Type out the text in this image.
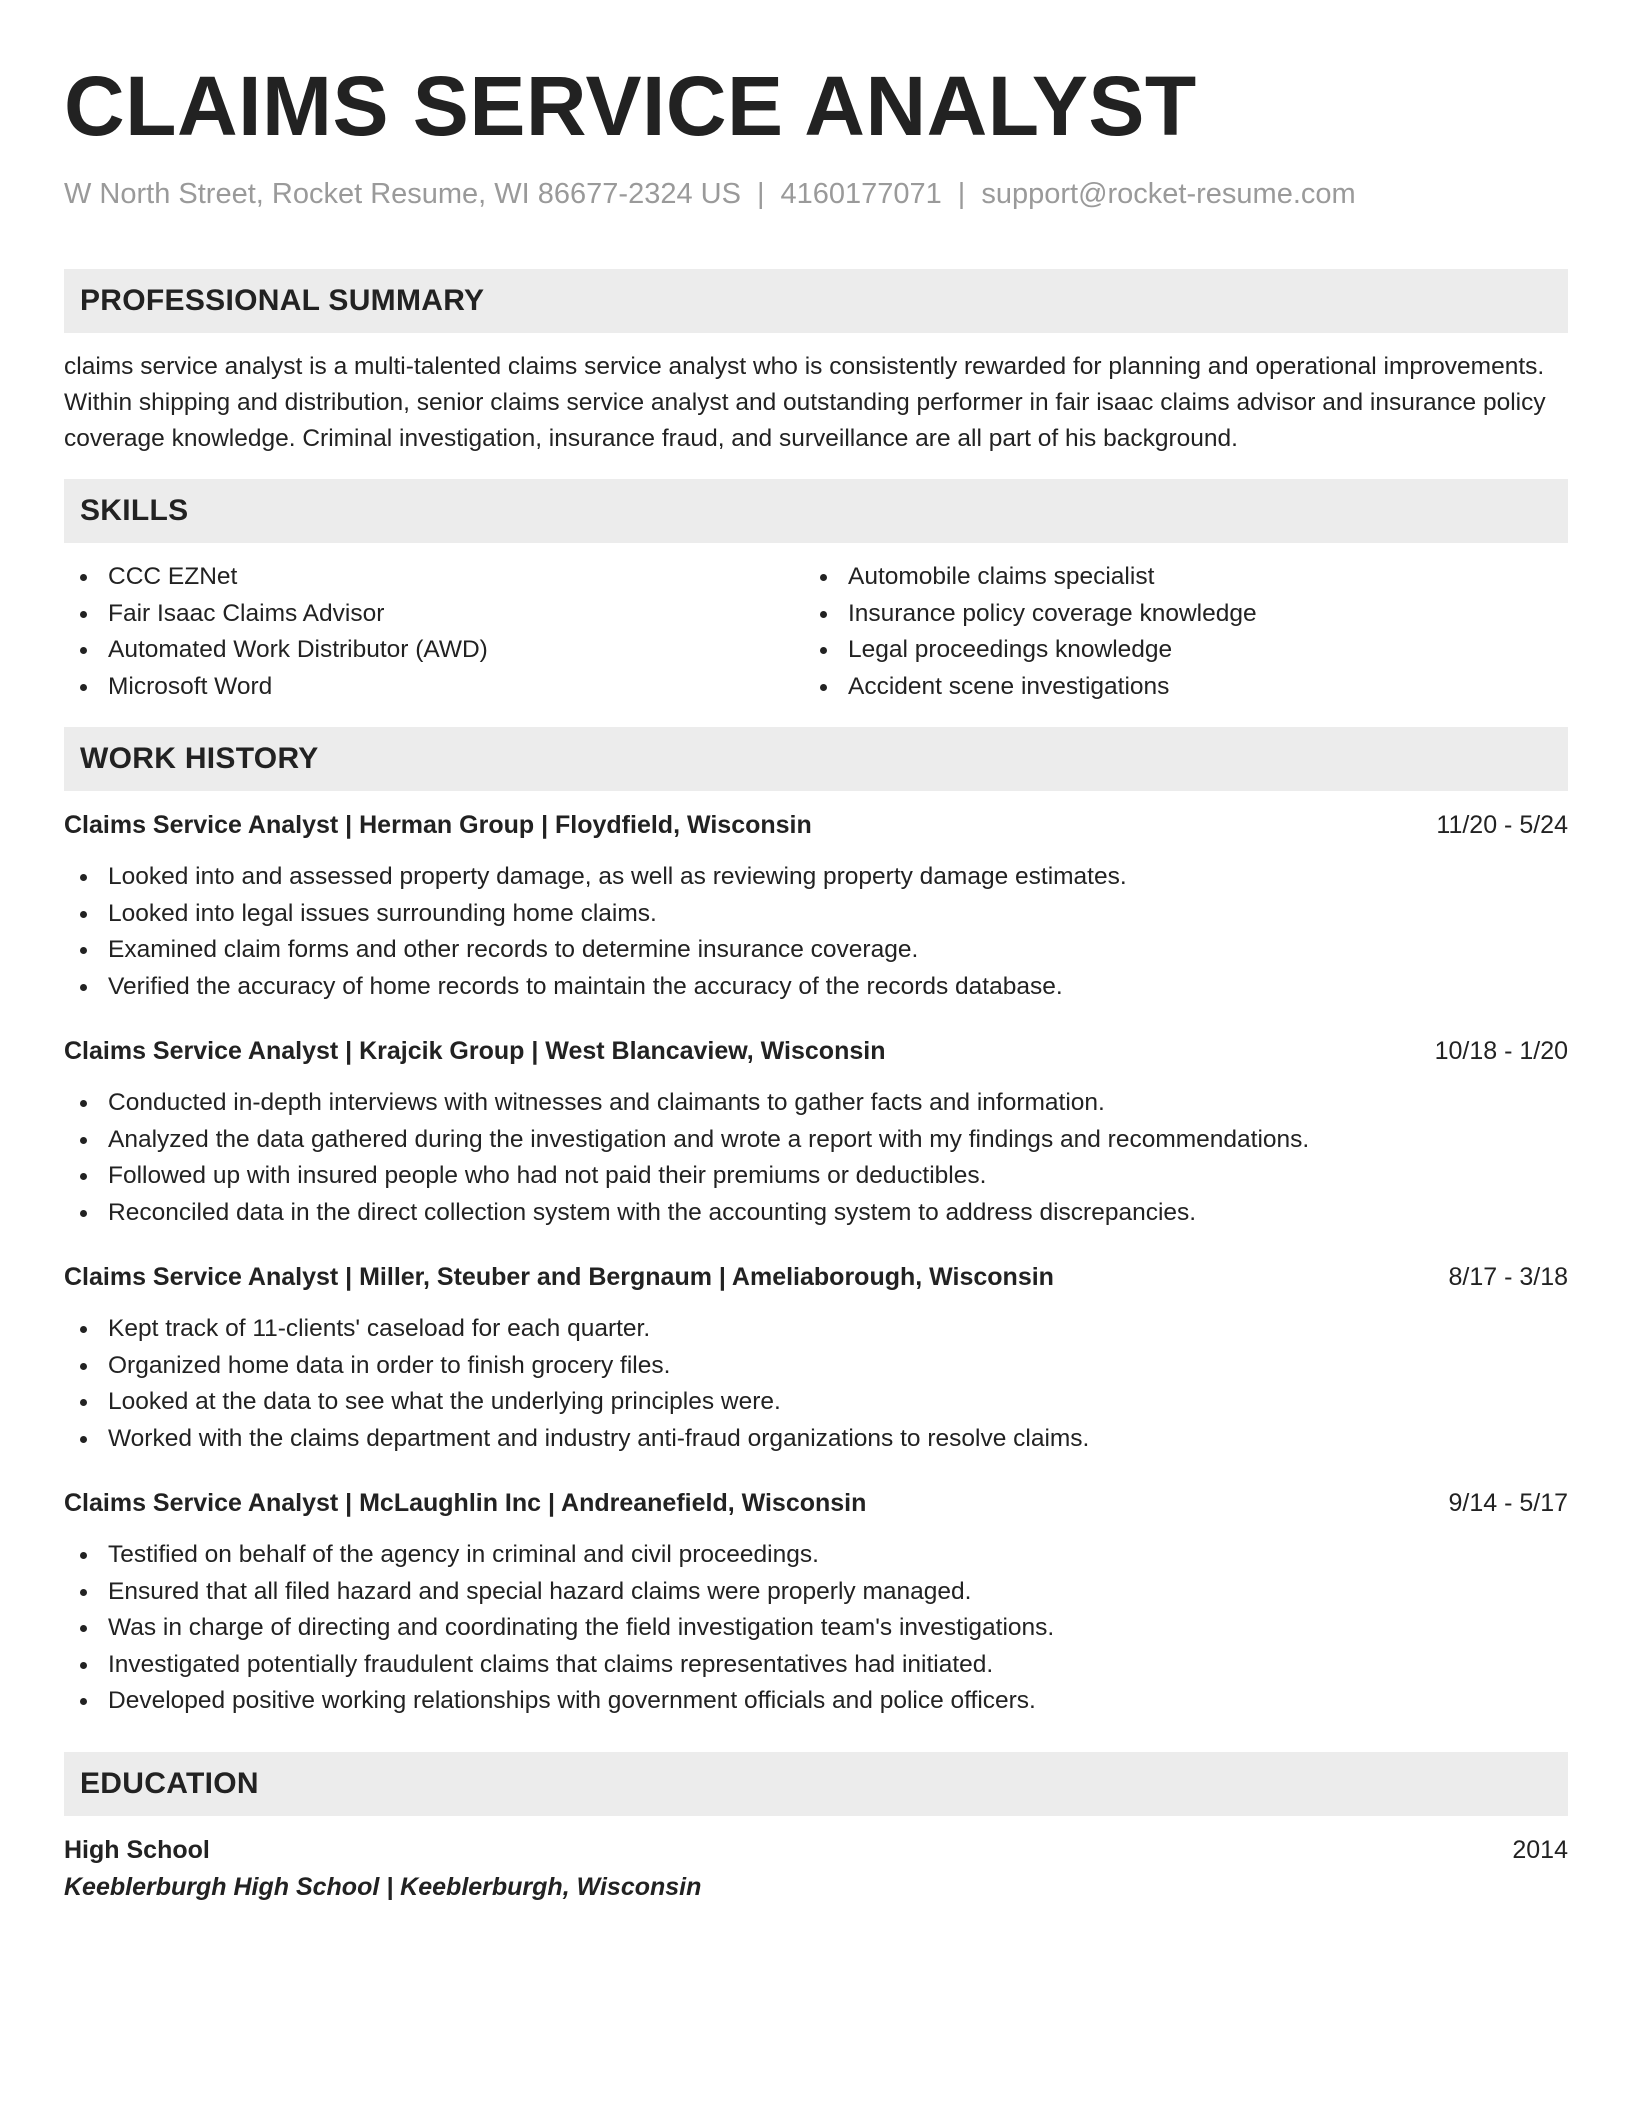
CLAIMS SERVICE ANALYST
W North Street, Rocket Resume, WI 86677-2324 US | 4160177071 | support@rocket-resume.com
PROFESSIONAL SUMMARY

claims service analyst is a multi-talented claims service analyst who is consistently rewarded for planning and operational improvements. Within shipping and distribution, senior claims service analyst and outstanding performer in fair isaac claims advisor and insurance policy coverage knowledge. Criminal investigation, insurance fraud, and surveillance are all part of his background.

SKILLS
CCC EZNet
Fair Isaac Claims Advisor
Automated Work Distributor (AWD)
Microsoft Word
Automobile claims specialist
Insurance policy coverage knowledge
Legal proceedings knowledge
Accident scene investigations
WORK HISTORY
Claims Service Analyst | Herman Group | Floydfield, Wisconsin	11/20 - 5/24
Looked into and assessed property damage, as well as reviewing property damage estimates.
Looked into legal issues surrounding home claims.
Examined claim forms and other records to determine insurance coverage.
Verified the accuracy of home records to maintain the accuracy of the records database.
Claims Service Analyst | Krajcik Group | West Blancaview, Wisconsin	10/18 - 1/20
Conducted in-depth interviews with witnesses and claimants to gather facts and information.
Analyzed the data gathered during the investigation and wrote a report with my findings and recommendations.
Followed up with insured people who had not paid their premiums or deductibles.
Reconciled data in the direct collection system with the accounting system to address discrepancies.
Claims Service Analyst | Miller, Steuber and Bergnaum | Ameliaborough, Wisconsin	8/17 - 3/18
Kept track of 11-clients' caseload for each quarter.
Organized home data in order to finish grocery files.
Looked at the data to see what the underlying principles were.
Worked with the claims department and industry anti-fraud organizations to resolve claims.
Claims Service Analyst | McLaughlin Inc | Andreanefield, Wisconsin	9/14 - 5/17
Testified on behalf of the agency in criminal and civil proceedings.
Ensured that all filed hazard and special hazard claims were properly managed.
Was in charge of directing and coordinating the field investigation team's investigations.
Investigated potentially fraudulent claims that claims representatives had initiated.
Developed positive working relationships with government officials and police officers.
EDUCATION
High School	2014
Keeblerburgh High School | Keeblerburgh, Wisconsin
